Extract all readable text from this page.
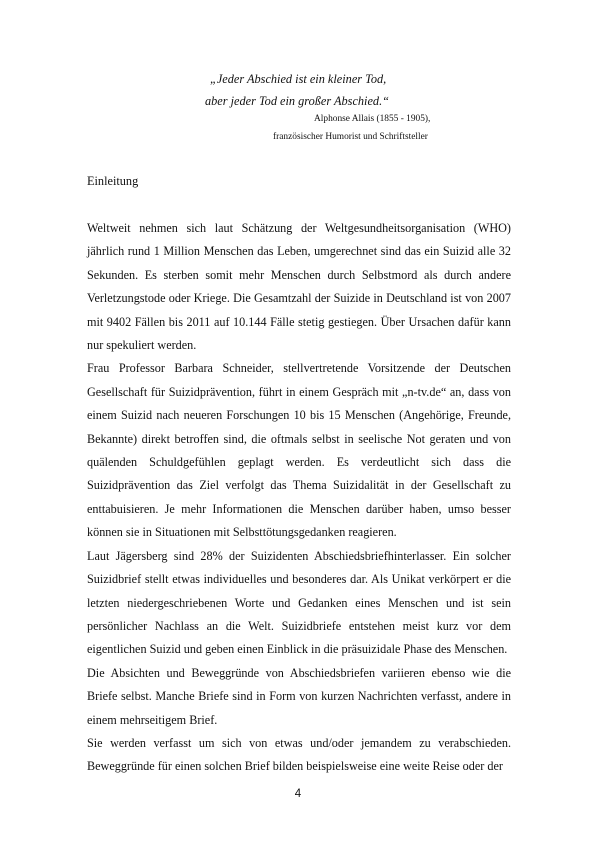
„Jeder Abschied ist ein kleiner Tod,
aber jeder Tod ein großer Abschied.“
Alphonse Allais (1855 - 1905),
französischer Humorist und Schriftsteller
Einleitung

Weltweit nehmen sich laut Schätzung der Weltgesundheitsorganisation (WHO) jährlich rund 1 Million Menschen das Leben, umgerechnet sind das ein Suizid alle 32 Sekunden. Es sterben somit mehr Menschen durch Selbstmord als durch andere Verletzungstode oder Kriege. Die Gesamtzahl der Suizide in Deutschland ist von 2007 mit 9402 Fällen bis 2011 auf 10.144 Fälle stetig gestiegen. Über Ursachen dafür kann nur spekuliert werden.

Frau Professor Barbara Schneider, stellvertretende Vorsitzende der Deutschen Gesellschaft für Suizidprävention, führt in einem Gespräch mit „n-tv.de“ an, dass von einem Suizid nach neueren Forschungen 10 bis 15 Menschen (Angehörige, Freunde, Bekannte) direkt betroffen sind, die oftmals selbst in seelische Not geraten und von quälenden Schuldgefühlen geplagt werden. Es verdeutlicht sich dass die Suizidprävention das Ziel verfolgt das Thema Suizidalität in der Gesellschaft zu enttabuisieren. Je mehr Informationen die Menschen darüber haben, umso besser können sie in Situationen mit Selbsttötungsgedanken reagieren.

Laut Jägersberg sind 28% der Suizidenten Abschiedsbriefhinterlasser. Ein solcher Suizidbrief stellt etwas individuelles und besonderes dar. Als Unikat verkörpert er die letzten niedergeschriebenen Worte und Gedanken eines Menschen und ist sein persönlicher Nachlass an die Welt. Suizidbriefe entstehen meist kurz vor dem eigentlichen Suizid und geben einen Einblick in die präsuizidale Phase des Menschen.

Die Absichten und Beweggründe von Abschiedsbriefen variieren ebenso wie die Briefe selbst. Manche Briefe sind in Form von kurzen Nachrichten verfasst, andere in einem mehrseitigem Brief.

Sie werden verfasst um sich von etwas und/oder jemandem zu verabschieden. Beweggründe für einen solchen Brief bilden beispielsweise eine weite Reise oder der

4
